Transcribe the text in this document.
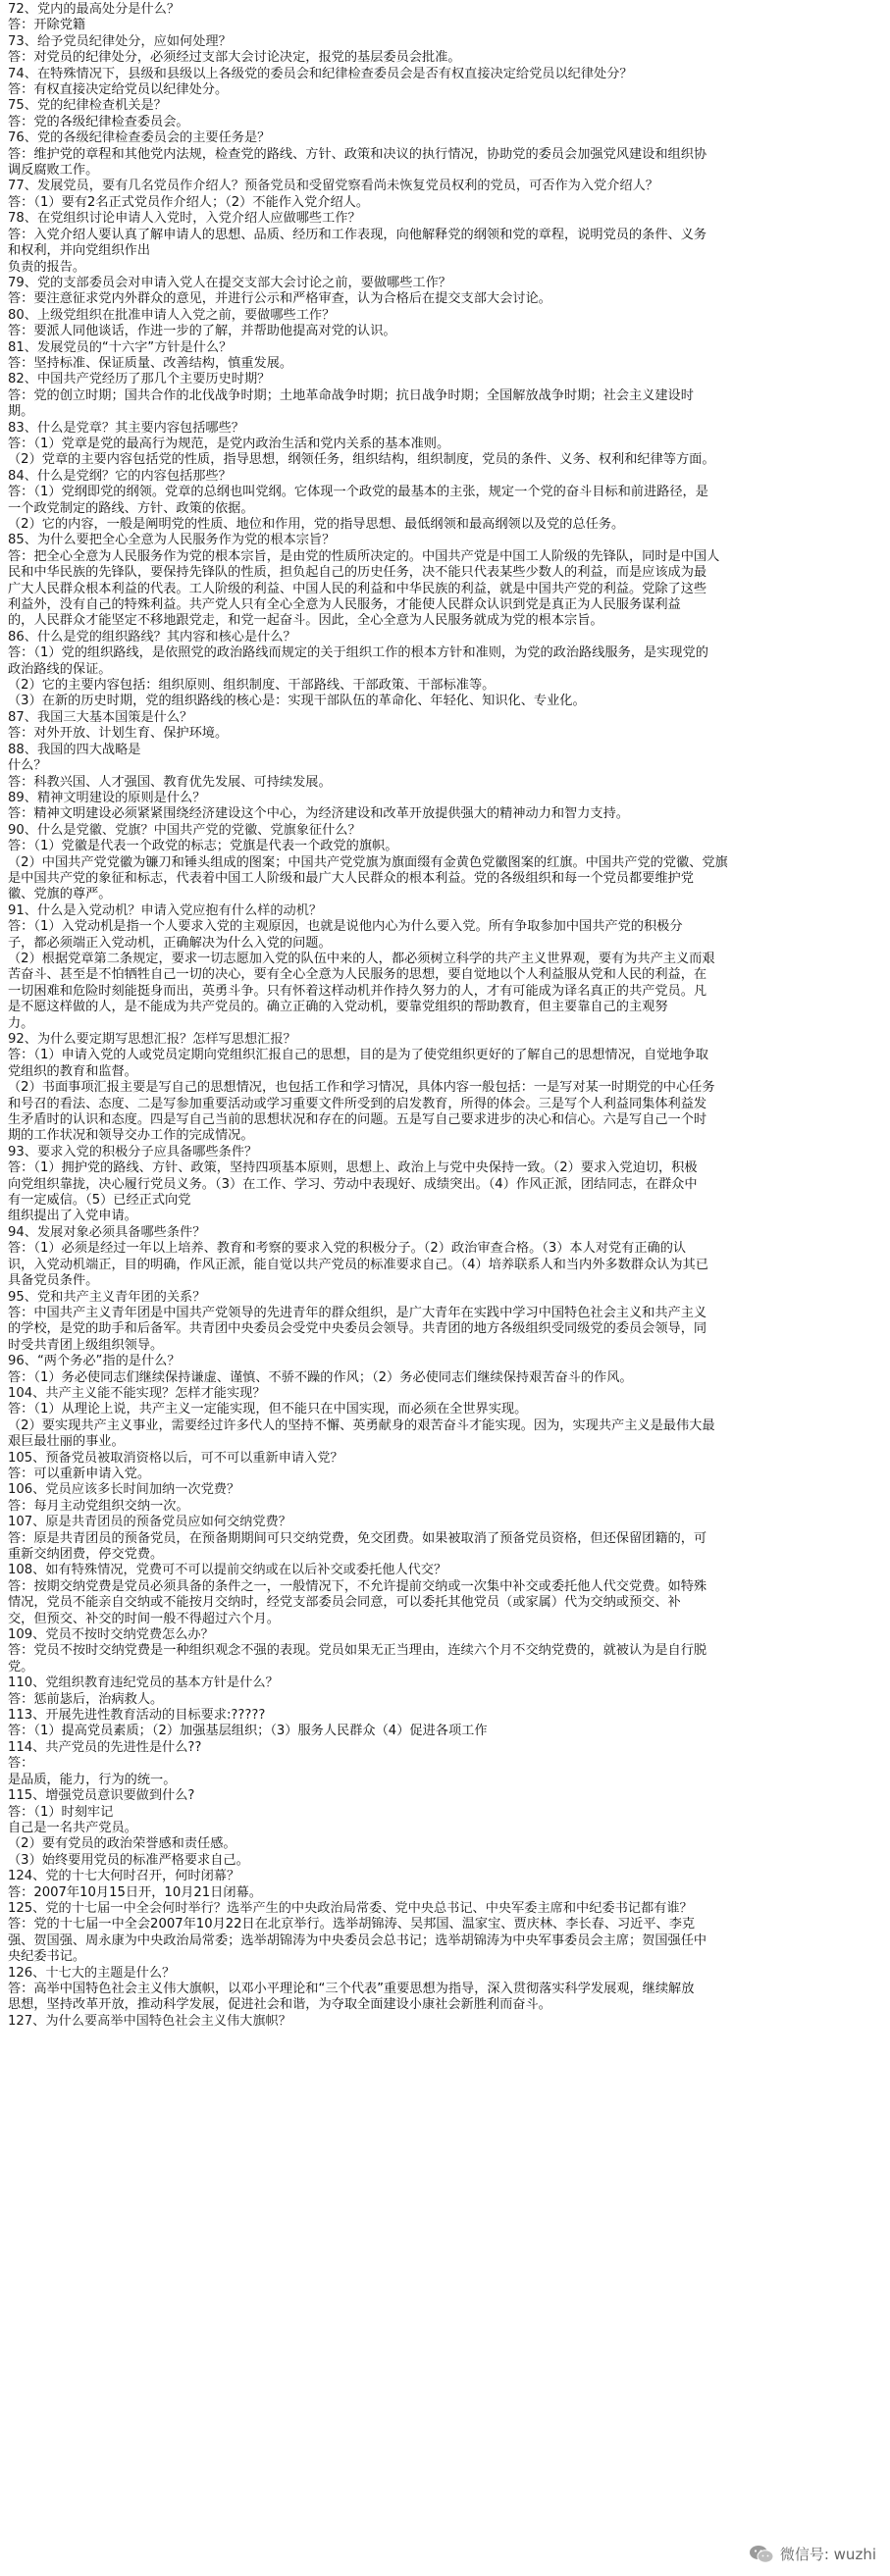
72、党内的最高处分是什么？
答：开除党籍
73、给予党员纪律处分，应如何处理？
答：对党员的纪律处分，必须经过支部大会讨论决定，报党的基层委员会批准。
74、在特殊情况下，县级和县级以上各级党的委员会和纪律检查委员会是否有权直接决定给党员以纪律处分？
答：有权直接决定给党员以纪律处分。
75、党的纪律检查机关是？
答：党的各级纪律检查委员会。
76、党的各级纪律检查委员会的主要任务是？
答：维护党的章程和其他党内法规，检查党的路线、方针、政策和决议的执行情况，协助党的委员会加强党风建设和组织协
调反腐败工作。
77、发展党员，要有几名党员作介绍人？预备党员和受留党察看尚未恢复党员权利的党员，可否作为入党介绍人？
答：（1）要有2名正式党员作介绍人；（2）不能作入党介绍人。
78、在党组织讨论申请人入党时，入党介绍人应做哪些工作？
答：入党介绍人要认真了解申请人的思想、品质、经历和工作表现，向他解释党的纲领和党的章程，说明党员的条件、义务
和权利，并向党组织作出
负责的报告。
79、党的支部委员会对申请入党人在提交支部大会讨论之前，要做哪些工作？
答：要注意征求党内外群众的意见，并进行公示和严格审查，认为合格后在提交支部大会讨论。
80、上级党组织在批准申请人入党之前，要做哪些工作？
答：要派人同他谈话，作进一步的了解，并帮助他提高对党的认识。
81、发展党员的“十六字”方针是什么？
答：坚持标准、保证质量、改善结构，慎重发展。
82、中国共产党经历了那几个主要历史时期？
答：党的创立时期；国共合作的北伐战争时期；土地革命战争时期；抗日战争时期；全国解放战争时期；社会主义建设时
期。
83、什么是党章？其主要内容包括哪些？
答：（1）党章是党的最高行为规范，是党内政治生活和党内关系的基本准则。
（2）党章的主要内容包括党的性质，指导思想，纲领任务，组织结构，组织制度，党员的条件、义务、权利和纪律等方面。
84、什么是党纲？它的内容包括那些？
答：（1）党纲即党的纲领。党章的总纲也叫党纲。它体现一个政党的最基本的主张，规定一个党的奋斗目标和前进路径，是
一个政党制定的路线、方针、政策的依据。
（2）它的内容，一般是阐明党的性质、地位和作用，党的指导思想、最低纲领和最高纲领以及党的总任务。
85、为什么要把全心全意为人民服务作为党的根本宗旨？
答：把全心全意为人民服务作为党的根本宗旨，是由党的性质所决定的。中国共产党是中国工人阶级的先锋队，同时是中国人
民和中华民族的先锋队，要保持先锋队的性质，担负起自己的历史任务，决不能只代表某些少数人的利益，而是应该成为最
广大人民群众根本利益的代表。工人阶级的利益、中国人民的利益和中华民族的利益，就是中国共产党的利益。党除了这些
利益外，没有自己的特殊利益。共产党人只有全心全意为人民服务，才能使人民群众认识到党是真正为人民服务谋利益
的，人民群众才能坚定不移地跟党走，和党一起奋斗。因此，全心全意为人民服务就成为党的根本宗旨。
86、什么是党的组织路线？其内容和核心是什么？
答：（1）党的组织路线，是依照党的政治路线而规定的关于组织工作的根本方针和准则，为党的政治路线服务，是实现党的
政治路线的保证。
（2）它的主要内容包括：组织原则、组织制度、干部路线、干部政策、干部标准等。
（3）在新的历史时期，党的组织路线的核心是：实现干部队伍的革命化、年轻化、知识化、专业化。
87、我国三大基本国策是什么？
答：对外开放、计划生育、保护环境。
88、我国的四大战略是
什么？
答：科教兴国、人才强国、教育优先发展、可持续发展。
89、精神文明建设的原则是什么？
答：精神文明建设必须紧紧围绕经济建设这个中心，为经济建设和改革开放提供强大的精神动力和智力支持。
90、什么是党徽、党旗？中国共产党的党徽、党旗象征什么？
答：（1）党徽是代表一个政党的标志；党旗是代表一个政党的旗帜。
（2）中国共产党党徽为镰刀和锤头组成的图案；中国共产党党旗为旗面缀有金黄色党徽图案的红旗。中国共产党的党徽、党旗
是中国共产党的象征和标志，代表着中国工人阶级和最广大人民群众的根本利益。党的各级组织和每一个党员都要维护党
徽、党旗的尊严。
91、什么是入党动机？申请入党应抱有什么样的动机？
答：（1）入党动机是指一个人要求入党的主观原因，也就是说他内心为什么要入党。所有争取参加中国共产党的积极分
子，都必须端正入党动机，正确解决为什么入党的问题。
（2）根据党章第二条规定，要求一切志愿加入党的队伍中来的人，都必须树立科学的共产主义世界观，要有为共产主义而艰
苦奋斗、甚至是不怕牺牲自己一切的决心，要有全心全意为人民服务的思想，要自觉地以个人利益服从党和人民的利益，在
一切困难和危险时刻能挺身而出，英勇斗争。只有怀着这样动机并作持久努力的人，才有可能成为译名真正的共产党员。凡
是不愿这样做的人，是不能成为共产党员的。确立正确的入党动机，要靠党组织的帮助教育，但主要靠自己的主观努
力。
92、为什么要定期写思想汇报？怎样写思想汇报？
答：（1）申请入党的人或党员定期向党组织汇报自己的思想，目的是为了使党组织更好的了解自己的思想情况，自觉地争取
党组织的教育和监督。
（2）书面事项汇报主要是写自己的思想情况，也包括工作和学习情况，具体内容一般包括：一是写对某一时期党的中心任务
和号召的看法、态度、二是写参加重要活动或学习重要文件所受到的启发教育，所得的体会。三是写个人利益同集体利益发
生矛盾时的认识和态度。四是写自己当前的思想状况和存在的问题。五是写自己要求进步的决心和信心。六是写自己一个时
期的工作状况和领导交办工作的完成情况。
93、要求入党的积极分子应具备哪些条件？
答：（1）拥护党的路线、方针、政策，坚持四项基本原则，思想上、政治上与党中央保持一致。（2）要求入党迫切，积极
向党组织靠拢，决心履行党员义务。（3）在工作、学习、劳动中表现好、成绩突出。（4）作风正派，团结同志，在群众中
有一定威信。（5）已经正式向党
组织提出了入党申请。
94、发展对象必须具备哪些条件？
答：（1）必须是经过一年以上培养、教育和考察的要求入党的积极分子。（2）政治审查合格。（3）本人对党有正确的认
识，入党动机端正，目的明确，作风正派，能自觉以共产党员的标准要求自己。（4）培养联系人和当内外多数群众认为其已
具备党员条件。
95、党和共产主义青年团的关系？
答：中国共产主义青年团是中国共产党领导的先进青年的群众组织，是广大青年在实践中学习中国特色社会主义和共产主义
的学校，是党的助手和后备军。共青团中央委员会受党中央委员会领导。共青团的地方各级组织受同级党的委员会领导，同
时受共青团上级组织领导。
96、“两个务必”指的是什么？
答：（1）务必使同志们继续保持谦虚、谨慎、不骄不躁的作风；（2）务必使同志们继续保持艰苦奋斗的作风。
104、共产主义能不能实现？怎样才能实现？
答：（1）从理论上说，共产主义一定能实现，但不能只在中国实现，而必须在全世界实现。
（2）要实现共产主义事业，需要经过许多代人的坚持不懈、英勇献身的艰苦奋斗才能实现。因为，实现共产主义是最伟大最
艰巨最壮丽的事业。
105、预备党员被取消资格以后，可不可以重新申请入党？
答：可以重新申请入党。
106、党员应该多长时间加纳一次党费？
答：每月主动党组织交纳一次。
107、原是共青团员的预备党员应如何交纳党费？
答：原是共青团员的预备党员，在预备期期间可只交纳党费，免交团费。如果被取消了预备党员资格，但还保留团籍的，可
重新交纳团费，停交党费。
108、如有特殊情况，党费可不可以提前交纳或在以后补交或委托他人代交？
答：按期交纳党费是党员必须具备的条件之一，一般情况下，不允许提前交纳或一次集中补交或委托他人代交党费。如特殊
情况，党员不能亲自交纳或不能按月交纳时，经党支部委员会同意，可以委托其他党员（或家属）代为交纳或预交、补
交，但预交、补交的时间一般不得超过六个月。
109、党员不按时交纳党费怎么办？
答：党员不按时交纳党费是一种组织观念不强的表现。党员如果无正当理由，连续六个月不交纳党费的，就被认为是自行脱
党。
110、党组织教育违纪党员的基本方针是什么？
答：惩前毖后，治病救人。
113、开展先进性教育活动的目标要求:?????
答：（1）提高党员素质；（2）加强基层组织；（3）服务人民群众（4）促进各项工作
114、共产党员的先进性是什么??
答：
是品质，能力，行为的统一。
115、增强党员意识要做到什么?
答：（1）时刻牢记
自己是一名共产党员。
（2）要有党员的政治荣誉感和责任感。
（3）始终要用党员的标准严格要求自己。
124、党的十七大何时召开，何时闭幕？
答：2007年10月15日开，10月21日闭幕。
125、党的十七届一中全会何时举行？选举产生的中央政治局常委、党中央总书记、中央军委主席和中纪委书记都有谁？
答：党的十七届一中全会2007年10月22日在北京举行。选举胡锦涛、吴邦国、温家宝、贾庆林、李长春、习近平、李克
强、贺国强、周永康为中央政治局常委；选举胡锦涛为中央委员会总书记；选举胡锦涛为中央军事委员会主席；贺国强任中
央纪委书记。
126、十七大的主题是什么？
答：高举中国特色社会主义伟大旗帜，以邓小平理论和“三个代表”重要思想为指导，深入贯彻落实科学发展观，继续解放
思想，坚持改革开放，推动科学发展，促进社会和谐，为夺取全面建设小康社会新胜利而奋斗。
127、为什么要高举中国特色社会主义伟大旗帜？
微信号: wuzhi
